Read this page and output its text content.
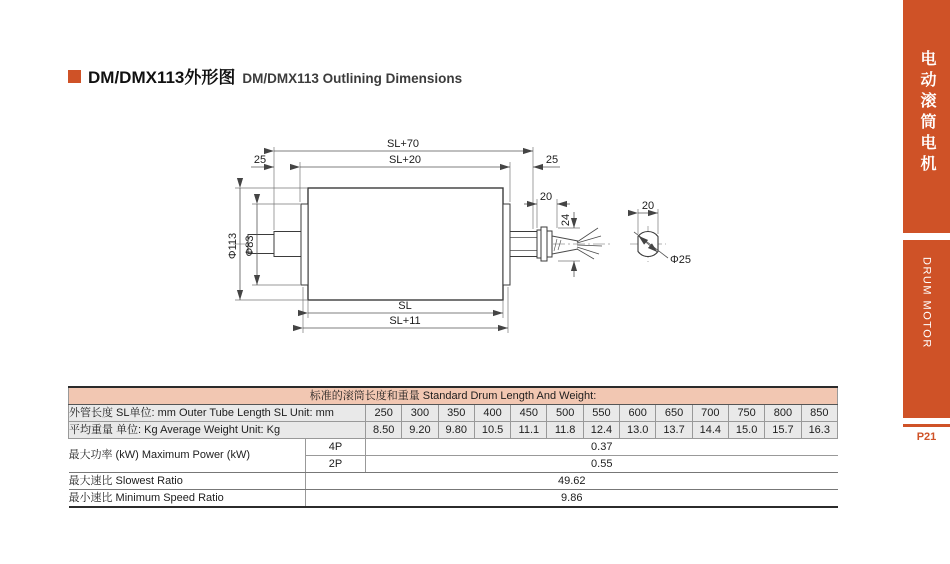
DM/DMX113外形图 DM/DMX113 Outlining Dimensions
SL+70
SL+20
25	25
20
24
SL
SL+11
Φ113 Φ83
20
Φ25
标准的滚筒长度和重量 Standard Drum Length And Weight:														
外管长度 SL单位: mm Outer Tube Length SL Unit: mm		250	300	350	400	450	500	550	600	650	700	750	800	850
平均重量 单位: Kg Average Weight Unit: Kg		8.50	9.20	9.80	10.5	11.1	11.8	12.4	13.0	13.7	14.4	15.0	15.7	16.3
最大功率 (kW) Maximum Power (kW)	4P	0.37												
	2P	0.55												
最大速比 Slowest Ratio	49.62													
最小速比 Minimum Speed Ratio	9.86													
电动滚筒电机
DRUM MOTOR
P21
